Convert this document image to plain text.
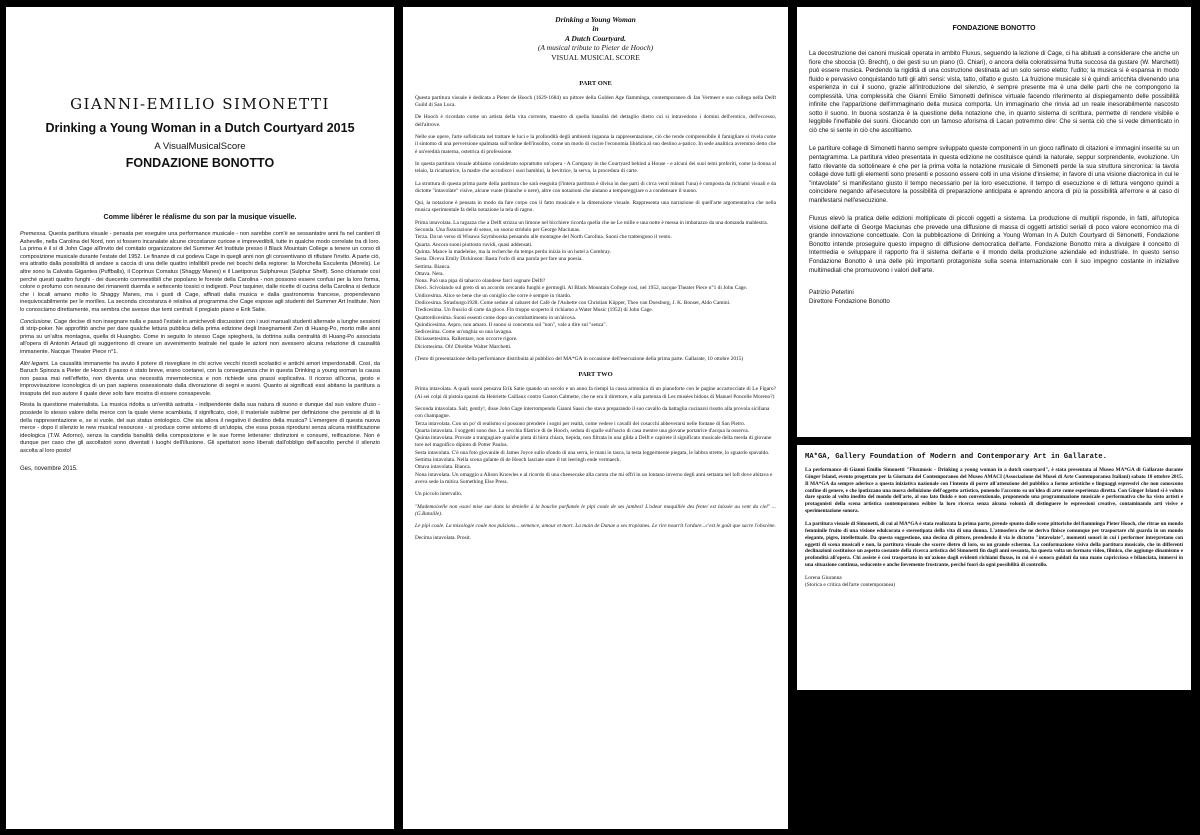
GIANNI-EMILIO SIMONETTI
Drinking a Young Woman in a Dutch Courtyard 2015
A VisualMusicalScore
FONDAZIONE BONOTTO
Comme libérer le réalisme du son par la musique visuelle.

Premessa. Questa partitura visuale - pensata per eseguire una performance musicale - non sarebbe com'è se sessantatre anni fa nel cantieri di Asheville, nella Carolina del Nord, non si fossero incanalate alcune circostanze curiose e imprevedibili, tutte in qualche modo correlate tra di loro. La prima è il sì di John Cage all'invito del comitato organizzatore del Summer Art Institute presso il Black Mountain College a tenere un corso di composizione musicale durante l'estate del 1952. Le finanze di cui godeva Cage in quegli anni non gli consentivano di rifiutare l'invito. A parte ciò, era attratto dalla possibilità di andare a caccia di una delle quattro infallibili prede nei boschi della regione: la Morchella Esculenta (Morels). Le altre sono la Calvatia Gigantea (Puffballs), il Coprinus Comatus (Shaggy Manes) e il Laetiporus Sulphureus (Sulphur Shelf). Sono chiamate così perché questi quattro funghi - dei duecento commestibili che popolano le foreste della Carolina - non possono essere confusi per la loro forma, colore o profumo con nessuno dei rimanenti duemila e settecento tossici o indigesti. Pour taquiner, dalle ricette di cucina della Carolina si deduce che i locali amano molto lo Shaggy Manes, ma i gusti di Cage, affinati dalla musica e dalla gastronomia francese, propendevano inequivocabilmente per le morilles. La seconda circostanza è relativa al programma che Cage espose agli studenti del Summer Art Institute. Non lo conosciamo direttamente, ma sembra che avesse due temi centrali: il pregiato piano e Erik Satie.

Conclusione. Cage decise di non insegnare nulla e passò l'estate in amichevoli discussioni con i suoi manuali studenti alternate a lunghe sessioni di strip-poker. Ne approfittò anche per dare qualche lettura pubblica della prima edizione degli Insegnamenti Zen di Huang-Po, morto mille anni prima su un'altra montagna, quella di Huangbo. Come in seguito lo stesso Cage spiegherà, la dottrina sulla centralità di Huang-Po associata all'opera di Antonin Artaud gli suggerirono di creare un avvenimento teatrale nel quale le azioni non avessero alcuna relazione di causalità immanente. Nacque Theater Piece n°1.

Altri legami. La causalità immanente ha avuto il potere di risvegliare in chi scrive vecchi ricordi scolastici e antichi amori imperdonabili. Così, da Baruch Spinoza a Pieter de Hooch il passo è stato breve, erano coetanei, con la conseguenza che in questa Drinking a young woman la causa non passa mai nell'effetto, non diventa una necessità mnemotecnica e non richiede una prassi esplicativa. Il ricorso all'icona, gesto e improvvisazione iconologica di un pan sapiens ossessionato dalla divorazione di segni e suoni. Quanto ai significati essi abitano la partitura a insaputa del suo autore il quale deve solo fare mostra di essere consapevole.

Resta la questione materialista. La musica ridotta a un'entità astratta - indipendente dalla sua natura di suono e dunque dal suo valore d'uso - possiede lo stesso valore della merce con la quale viene scambiata, il significato, cioè, il materiale sublime per definizione che persiste al di là della rappresentazione e, se si vuole, del suo status ontologico. Che sia allora il negativo il destino della musica? L'emergere di questa nuova merce - dopo il silenzio le new musical resources - si produce come sintomo di un'utopia, che essa possa riprodursi senza alcuna mistificazione ideologica (T.W. Adorno), senza la candida banalità della composizione e le sue forme letterarie: distinzioni e consumi, reificazione. Non è dunque per caso che gli ascoltatori sono diventati i luoghi dell'illusione. Gli spettatori sono liberati dall'obbligo dell'ascolto perché il silenzio ascolta al loro posto!

Ges, novembre 2015.
Drinking a Young Woman
in
A Dutch Courtyard.
(A musical tribute to Pieter de Hooch)
VISUAL MUSICAL SCORE
PART ONE

Questa partitura visuale è dedicata a Pieter de Hooch (1629-1684) un pittore della Golden Age fiamminga, contemporaneo di Jan Vermeer e suo collega nella Delft Guild di San Luca.

De Hooch è ricordato come un artista della vita corrente, maestro di quella banalità del dettaglio dietro cui si intravedono i domini dell'erotico, dell'eccesso, dell'altrove.

Nelle sue opere, l'arte sofisticata nel trattare le luci e la profondità degli ambienti inganna la rappresentazione, ciò che rende comprensibile il famigliare si rivela come il sintomo di una perversione spalmata sull'ordine dell'insolito, come un modo di cucire l'economia libidica al suo destino a-patico. In sede analitica avremmo detto che è un'eredità materna, ostetrica di professione.

In questa partitura visuale abbiamo considerato soprattutto un'opera - A Company in the Courtyard behind a House - e alcuni dei suoi temi preferiti, come la donna al telaio, la ricamatrice, la madre che accudisce i suoi bambini, la bevitrice, la serva, la procedura di carte.

La struttura di questa prima parte della partitura che sarà eseguita (l'intera partitura è divisa in due parti di circa venti minuti l'una) è composta da richiami visuali e da dictotte "intavolate" visive, alcune vuote (bianche o nere), altre con notazioni che aiutano a temporeggiare o a condensare il suono.

Qui, la notazione è pensata in modo da fare corpo con il fatto musicale e la dimensione visuale. Rappresenta una narrazione di quell'arte argomentativa che nella musica sperimentale fa della notazione la tela di ragno.

Prima intavolata. La ragazza che a Delft strizza un limone nel bicchiere ricorda quella che ne Le mille e una notte è messa in imbarazzo da una domanda maldestra.
Seconda. Una fissurazione di senso, un suono stridulo per George Maciunas.
Terza. Da un verso di Wisawa Szymborska pensando alle montagne del North Carolina. Suoni che trattengono il vento.
Quarta. Ancora suoni piuttosto ruvidi, quasi addensati.
Quinta. Mance la madeleine, ma la recherche du temps perdu inizia in un hotel a Combray.
Sesta. Diceva Emily Dickinson: Basta l'orlo di una parola per fare una poesia.
Settima. Bianca.
Ottava. Nera.
Nona. Può una pipa di tabacco olandese farci sognare Delft?
Dieci. Scivolando sul greto di un accordo cercando funghi e germogli. Al Black Mountain College così, nel 1952, nacque Theater Piece n°1 di John Cage.
Undicesima. Alice se bene che un coniglio che corre è sempre in ritardo.
Dodicesima. Strasburgo1928. Come sedute al cabaret del Café de l'Aubette con Christian Küpper, Theo van Doesburg, J. K. Bonset, Aldo Camini.
Tredicesima. Un fruscio di carte da gioco. Fin troppo scoperto il richiamo a Water Music (1952) di John Cage.
Quattordicesima. Suoni essenti come dopo un combattimento in un'alcova.
Quindicesima. Aspro, non amaro. Il suono si concentra sul "non", vale a dire sul "senza".
Sedicesima. Come un'unghia su una lavagna.
Diciassettesima. Rallentare, non occorre rigore.
Diciottesima. Oh! Direbbe Walter Marchetti.

(Testo di presentazione della performance distribuita al pubblico del MA*GA in occasione dell'esecuzione della prima parte. Gallarate, 10 ottobre 2015)

PART TWO

Prima intavolata. A quali suoni pensava Erik Satie quando un secolo e un anno fa riempì la cassa armonica di un pianoforte con le pagine accartocciate di Le Figaro? (Ai sei colpi di pistola sparati da Henriette Caillaux contro Gaston Calmette, che ne era il direttore, e alla partenza di Les musées bidons di Manuel Poncelle Moreno?)

Seconda intavolata. Salt, gently!, disse John Cage interrompendo Gianni Sassi che stava preparando il suo cavallo da battaglia cucinarsi risotto alla provola siciliana con champagne.
Terza intavolata. Con un po' di realismo si possono prendere i sogni per realtà, come vedere i cavalli dei cosacchi abbeverarsi nelle fontane di San Pietro.
Quarta intavolata. I soggetti sono due. La vecchia filatrice di de Hooch, seduta di spalle sull'uscio di casa mentre una giovane portatrice d'acqua la osserva.
Quinta intavolata. Provate a trangugiare qualche pinta di birra chiara, tiepida, non filtrata in una gilda a Delft e capirete il significato musicale della merda di giovane tore nel magnifico dipinto di Potter Paulus.
Sesta intavolata. C'è una foto giovanile di James Joyce sullo sfondo di una serra, le mani in tasca, la testa leggermente piegata, le labbra strette, lo sguardo spavaldo.
Settima intavolata. Nella scena galante di de Hooch lasciate stare il tot leeringh ende vermaeck.
Ottava intavolata. Bianca.
Nona intavolata. Un omaggio a Alison Knowles e al ricordo di una cheesecake alla carota che mi offrì in un lontano inverno degli anni settanta nel loft dove abitava e aveva sede la mitica Something Else Press.

Un piccolo intervallo.

"Mademoiselle non osavi mise sue dans la denielle à la bouche parfumée le pipi coule de ses jambes! L'odeur maquillée des fente/ est laissée au vent du ciel" ... (G.Bataille).

Le pipì coule. La mixologie coule nos pulsions... semence, amour et mort. La main de Danae a ses tropismes. Le rire nourrit l'ordure...c'est le goût que sacre l'obscène.

Decima intavolata. Prosit.

FONDAZIONE BONOTTO

La decostruzione dei canoni musicali operata in ambito Fluxus, seguendo la lezione di Cage, ci ha abituati a considerare che anche un fiore che sboccia (G. Brecht), o dei gesti su un piano (G. Chiari), o ancora della coloratissima frutta succosa da gustare (W. Marchetti) può essere musica. Perdendo la rigidità di una costruzione destinata ad un solo senso eletto: l'udito; la musica si è espansa in modo fluido e pervasivo conquistando tutti gli altri sensi: vista, tatto, olfatto e gusto. La fruizione musicale si è quindi arricchita divenendo una esperienza in cui il suono, grazie all'introduzione del silenzio, è sempre presente ma è una delle parti che ne compongono la complessità. Una complessità che Gianni Emilio Simonetti definisce virtuale facendo riferimento al dispiegamento delle possibilità infinite che l'apparizione dell'immaginario della musica comporta. Un immaginario che rinvia ad un reale inesorabilmente nascosto sotto il suono. In buona sostanza è la questione della notazione che, in quanto sistema di scrittura, permette di rendere visibile e leggibile l'ineffabile dei suoni. Giocando con un famoso aforisma di Lacan potremmo dire: Che si senta ciò che si vede dimenticato in ciò che si sente in ciò che ascoltiamo.

Le partiture collage di Simonetti hanno sempre sviluppato queste componenti in un gioco raffinato di citazioni e immagini inserite su un pentagramma. La partitura video presentata in questa edizione ne costituisce quindi la naturale, seppur sorprendente, evoluzione. Un fatto rilevante da sottolineare è che per la prima volta la notazione musicale di Simonetti perde la sua struttura sincronica: la tavola collage dove tutti gli elementi sono presenti e possono essere colti in una visione d'insieme; in favore di una visione diacronica in cui le "intavolate" si manifestano giusto il tempo necessario per la loro esecuzione. Il tempo di esecuzione e di lettura vengono quindi a coincidere negando all'esecutore la possibilità di preparazione anticipata e aprendo ancora di più la possibilità all'errore e al caso di manifestarsi nell'esecuzione.

Fluxus elevò la pratica delle edizioni moltiplicate di piccoli oggetti a sistema. La produzione di multipli risponde, in fatti, all'utopica visione dell'arte di George Maciunas che prevede una diffusione di massa di oggetti artistici seriali di poco valore economico ma di grande innovazione concettuale. Con la pubblicazione di Drinking a Young Woman In A Dutch Courtyard di Simonetti, Fondazione Bonotto intende proseguire questo impegno di diffusione democratica dell'arte. Fondazione Bonotto mira a divulgare il concetto di Intermedia e sviluppare il rapporto fra il sistema dell'arte e il mondo della produzione aziendale ed industriale. In questo senso Fondazione Bonotto è una delle più importanti protagoniste sulla scena internazionale con il suo impegno costante in iniziative multimediali che promuovono i valori dell'arte.

Patrizio Peterlini
Direttore Fondazione Bonotto
MA*GA, Gallery Foundation of Modern and Contemporary Art in Gallarate.

La performance di Gianni Emilio Simonetti "Fluxmusic - Drinking a young woman in a dutch courtyard", è stata presentata al Museo MA*GA di Gallarate durante Ginger Island, evento progettato per la Giornata del Contemporaneo del Museo AMACI (Associazione dei Musei di Arte Contemporanea Italiani) sabato 10 ottobre 2015. Il MA*GA da sempre aderisce a questa iniziativa nazionale con l'intento di porre all'attenzione del pubblico a forme artistiche e linguaggi espressivi che non conoscono confine di genere, e che ipotizzano una nuova definizione dell'oggetto artistico, ponendo l'accento su un'idea di arte come esperienza diretta. Con Ginger Island si è voluto dare spazio al volto inedito del mondo dell'arte, al suo lato fluido e non convenzionale, proponendo una programmazione musicale e performativa che ha visto artisti e protagonisti della scena artistica contemporanea esibire la loro ricerca senza alcuna volontà di distinguere le espressioni creative, contaminando arti visive e sperimentazione sonora.

La partitura visuale di Simonetti, di cui al MA*GA è stata realizzata la prima parte, prende spunto dalle scene pittoriche del fiammingo Pieter Hooch, che ritrae un mondo femminile fruito di una visione edulcorata e stereotipata della vita di una donna. L'atmosfera che ne deriva finisce comunque per trasportare chi guarda in un mondo elegante, pigro, intellettuale. Da questa suggestione, una decina di pittore, prendendo il via le dictotto "intavolate", momenti sonori in cui i performer interpretano con oggetti di scena musicali e non, la partitura visuale che scorre dietro di loro, su un grande schermo. La conformazione visiva della partitura musicale, che in differenti declinazioni costituisce un aspetto costante della ricerca artistica del Simonetti fin dagli anni sessanta, ha questa volta un formato video, filmico, che aggiunge dinamismo e profondità all'opera. Chi assiste è così trasportato in un'azione dagli evidenti richiami fluxus, in cui si è sonora guidati da una mano capricciosa e bilanciata, immersi in una situazione continua, seducente e anche lievemente frustrante, perché fuori da ogni possibilità di controllo.

Lorena Giuranna
(Storica e critica dell'arte contemporanea)
